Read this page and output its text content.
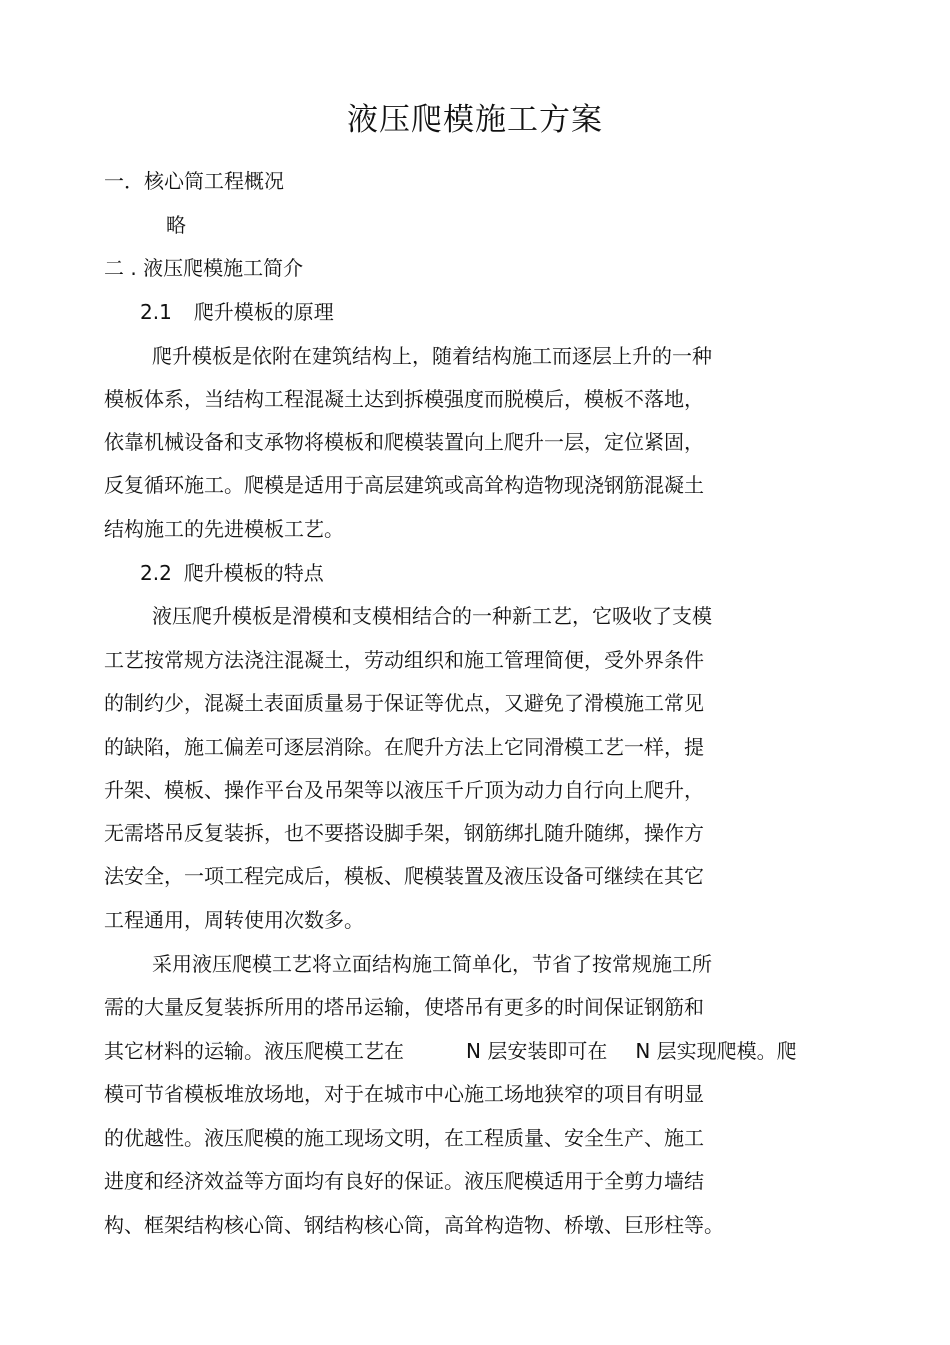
液压爬模施工方案
一．核心筒工程概况
略
二 . 液压爬模施工简介
2.1 爬升模板的原理
爬升模板是依附在建筑结构上，随着结构施工而逐层上升的一种
模板体系，当结构工程混凝土达到拆模强度而脱模后，模板不落地，
依靠机械设备和支承物将模板和爬模装置向上爬升一层，定位紧固，
反复循环施工。爬模是适用于高层建筑或高耸构造物现浇钢筋混凝土
结构施工的先进模板工艺。
2.2 爬升模板的特点
液压爬升模板是滑模和支模相结合的一种新工艺，它吸收了支模
工艺按常规方法浇注混凝土，劳动组织和施工管理简便，受外界条件
的制约少，混凝土表面质量易于保证等优点，又避免了滑模施工常见
的缺陷，施工偏差可逐层消除。在爬升方法上它同滑模工艺一样，提
升架、模板、操作平台及吊架等以液压千斤顶为动力自行向上爬升，
无需塔吊反复装拆，也不要搭设脚手架，钢筋绑扎随升随绑，操作方
法安全，一项工程完成后，模板、爬模装置及液压设备可继续在其它
工程通用，周转使用次数多。
采用液压爬模工艺将立面结构施工简单化，节省了按常规施工所
需的大量反复装拆所用的塔吊运输，使塔吊有更多的时间保证钢筋和
其它材料的运输。液压爬模工艺在	N 层安装即可在 N 层实现爬模。爬
模可节省模板堆放场地，对于在城市中心施工场地狭窄的项目有明显
的优越性。液压爬模的施工现场文明，在工程质量、安全生产、施工
进度和经济效益等方面均有良好的保证。液压爬模适用于全剪力墙结
构、框架结构核心筒、钢结构核心筒，高耸构造物、桥墩、巨形柱等。
